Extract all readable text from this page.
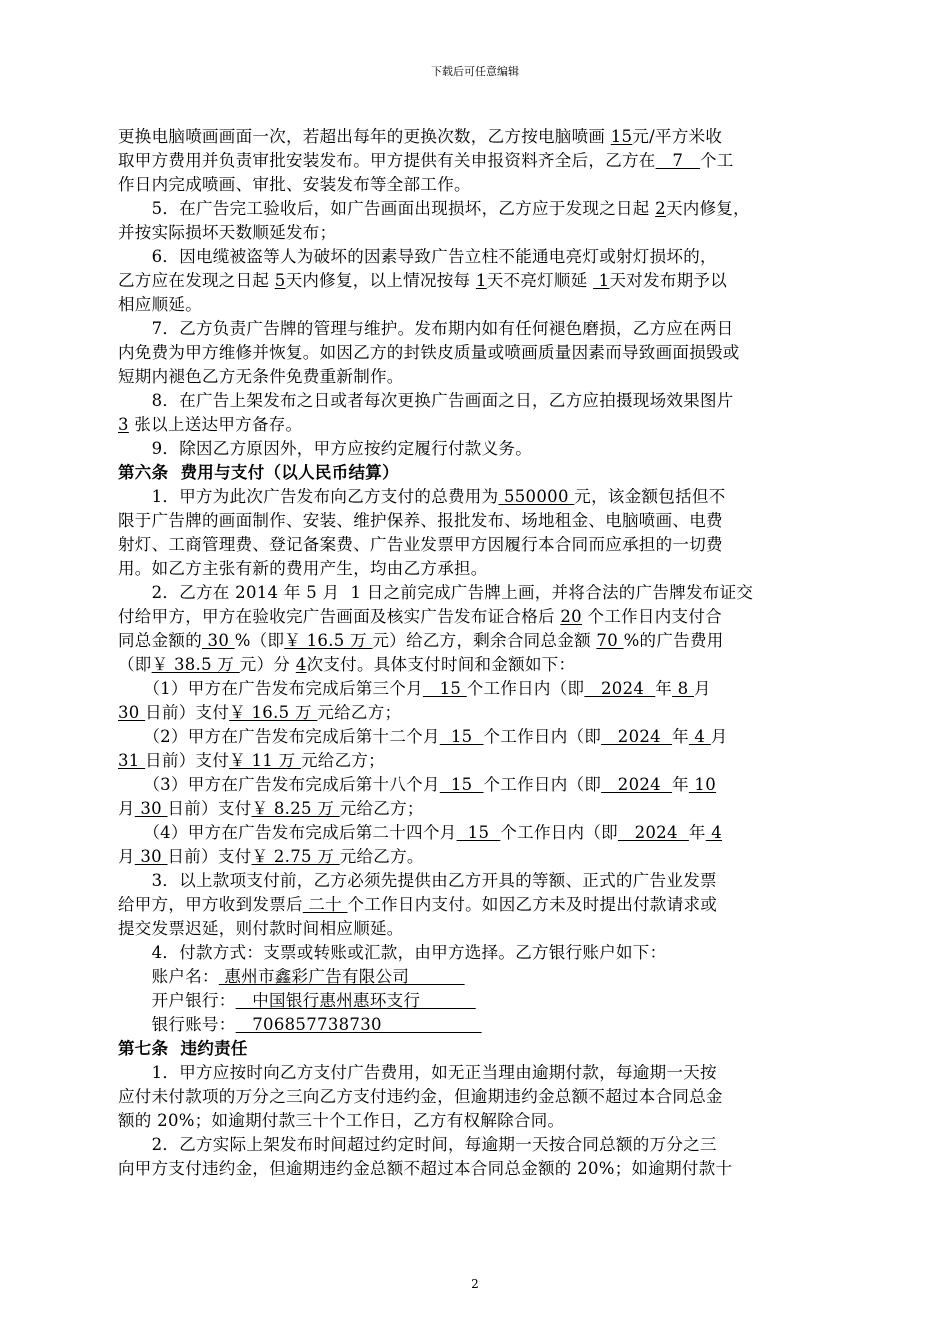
下载后可任意编辑
更换电脑喷画画面一次，若超出每年的更换次数，乙方按电脑喷画 15元/平方米收
取甲方费用并负责审批安装发布。甲方提供有关申报资料齐全后，乙方在　7　个工
作日内完成喷画、审批、安装发布等全部工作。
　　5．在广告完工验收后，如广告画面出现损坏，乙方应于发现之日起 2天内修复，
并按实际损坏天数顺延发布；
　　6．因电缆被盗等人为破坏的因素导致广告立柱不能通电亮灯或射灯损坏的，
乙方应在发现之日起 5天内修复，以上情况按每 1天不亮灯顺延  1天对发布期予以
相应顺延。
　　7．乙方负责广告牌的管理与维护。发布期内如有任何褪色磨损，乙方应在两日
内免费为甲方维修并恢复。如因乙方的封铁皮质量或喷画质量因素而导致画面损毁或
短期内褪色乙方无条件免费重新制作。
　　8．在广告上架发布之日或者每次更换广告画面之日，乙方应拍摄现场效果图片
3 张以上送达甲方备存。
　　9．除因乙方原因外，甲方应按约定履行付款义务。
第六条  费用与支付（以人民币结算）
　　1．甲方为此次广告发布向乙方支付的总费用为 550000 元，该金额包括但不
限于广告牌的画面制作、安装、维护保养、报批发布、场地租金、电脑喷画、电费
射灯、工商管理费、登记备案费、广告业发票甲方因履行本合同而应承担的一切费
用。如乙方主张有新的费用产生，均由乙方承担。
　　2．乙方在 2014 年 5 月  1 日之前完成广告牌上画，并将合法的广告牌发布证交
付给甲方，甲方在验收完广告画面及核实广告发布证合格后 20 个工作日内支付合
同总金额的 30 %（即￥ 16.5 万 元）给乙方，剩余合同总金额 70 %的广告费用
（即￥ 38.5 万 元）分 4次支付。具体支付时间和金额如下：
　　（1）甲方在广告发布完成后第三个月   15 个工作日内（即   2024  年 8 月
30 日前）支付￥ 16.5 万 元给乙方；
　　（2）甲方在广告发布完成后第十二个月  15  个工作日内（即   2024  年 4 月
31 日前）支付￥ 11 万 元给乙方；
　　（3）甲方在广告发布完成后第十八个月  15  个工作日内（即   2024  年 10
月 30 日前）支付￥ 8.25 万 元给乙方；
　　（4）甲方在广告发布完成后第二十四个月  15  个工作日内（即   2024  年 4
月 30 日前）支付￥ 2.75 万 元给乙方。
　　3．以上款项支付前，乙方必须先提供由乙方开具的等额、正式的广告业发票
给甲方，甲方收到发票后 二十 个工作日内支付。如因乙方未及时提出付款请求或
提交发票迟延，则付款时间相应顺延。
　　4．付款方式：支票或转账或汇款，由甲方选择。乙方银行账户如下：
　　账户名： 惠州市鑫彩广告有限公司
　　开户银行：   中国银行惠州惠环支行
　　银行账号：   706857738730
第七条  违约责任
　　1．甲方应按时向乙方支付广告费用，如无正当理由逾期付款，每逾期一天按
应付未付款项的万分之三向乙方支付违约金，但逾期违约金总额不超过本合同总金
额的 20%；如逾期付款三十个工作日，乙方有权解除合同。
　　2．乙方实际上架发布时间超过约定时间，每逾期一天按合同总额的万分之三
向甲方支付违约金，但逾期违约金总额不超过本合同总金额的 20%；如逾期付款十
2
